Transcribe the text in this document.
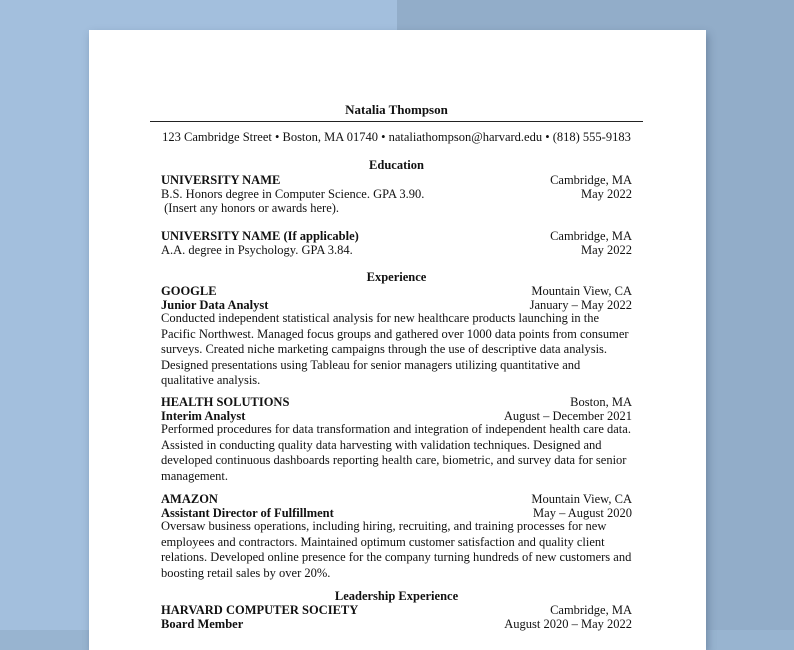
Natalia Thompson
123 Cambridge Street • Boston, MA 01740 • nataliathompson@harvard.edu • (818) 555-9183
Education
UNIVERSITY NAME	Cambridge, MA
B.S. Honors degree in Computer Science. GPA 3.90.	May 2022
(Insert any honors or awards here).
UNIVERSITY NAME (If applicable)	Cambridge, MA
A.A. degree in Psychology. GPA 3.84.	May 2022
Experience
GOOGLE	Mountain View, CA
Junior Data Analyst	January – May 2022
Conducted independent statistical analysis for new healthcare products launching in the Pacific Northwest. Managed focus groups and gathered over 1000 data points from consumer surveys. Created niche marketing campaigns through the use of descriptive data analysis. Designed presentations using Tableau for senior managers utilizing quantitative and qualitative analysis.
HEALTH SOLUTIONS	Boston, MA
Interim Analyst	August – December 2021
Performed procedures for data transformation and integration of independent health care data. Assisted in conducting quality data harvesting with validation techniques. Designed and developed continuous dashboards reporting health care, biometric, and survey data for senior management.
AMAZON	Mountain View, CA
Assistant Director of Fulfillment	May – August 2020
Oversaw business operations, including hiring, recruiting, and training processes for new employees and contractors. Maintained optimum customer satisfaction and quality client relations. Developed online presence for the company turning hundreds of new customers and boosting retail sales by over 20%.
Leadership Experience
HARVARD COMPUTER SOCIETY	Cambridge, MA
Board Member	August 2020 – May 2022
